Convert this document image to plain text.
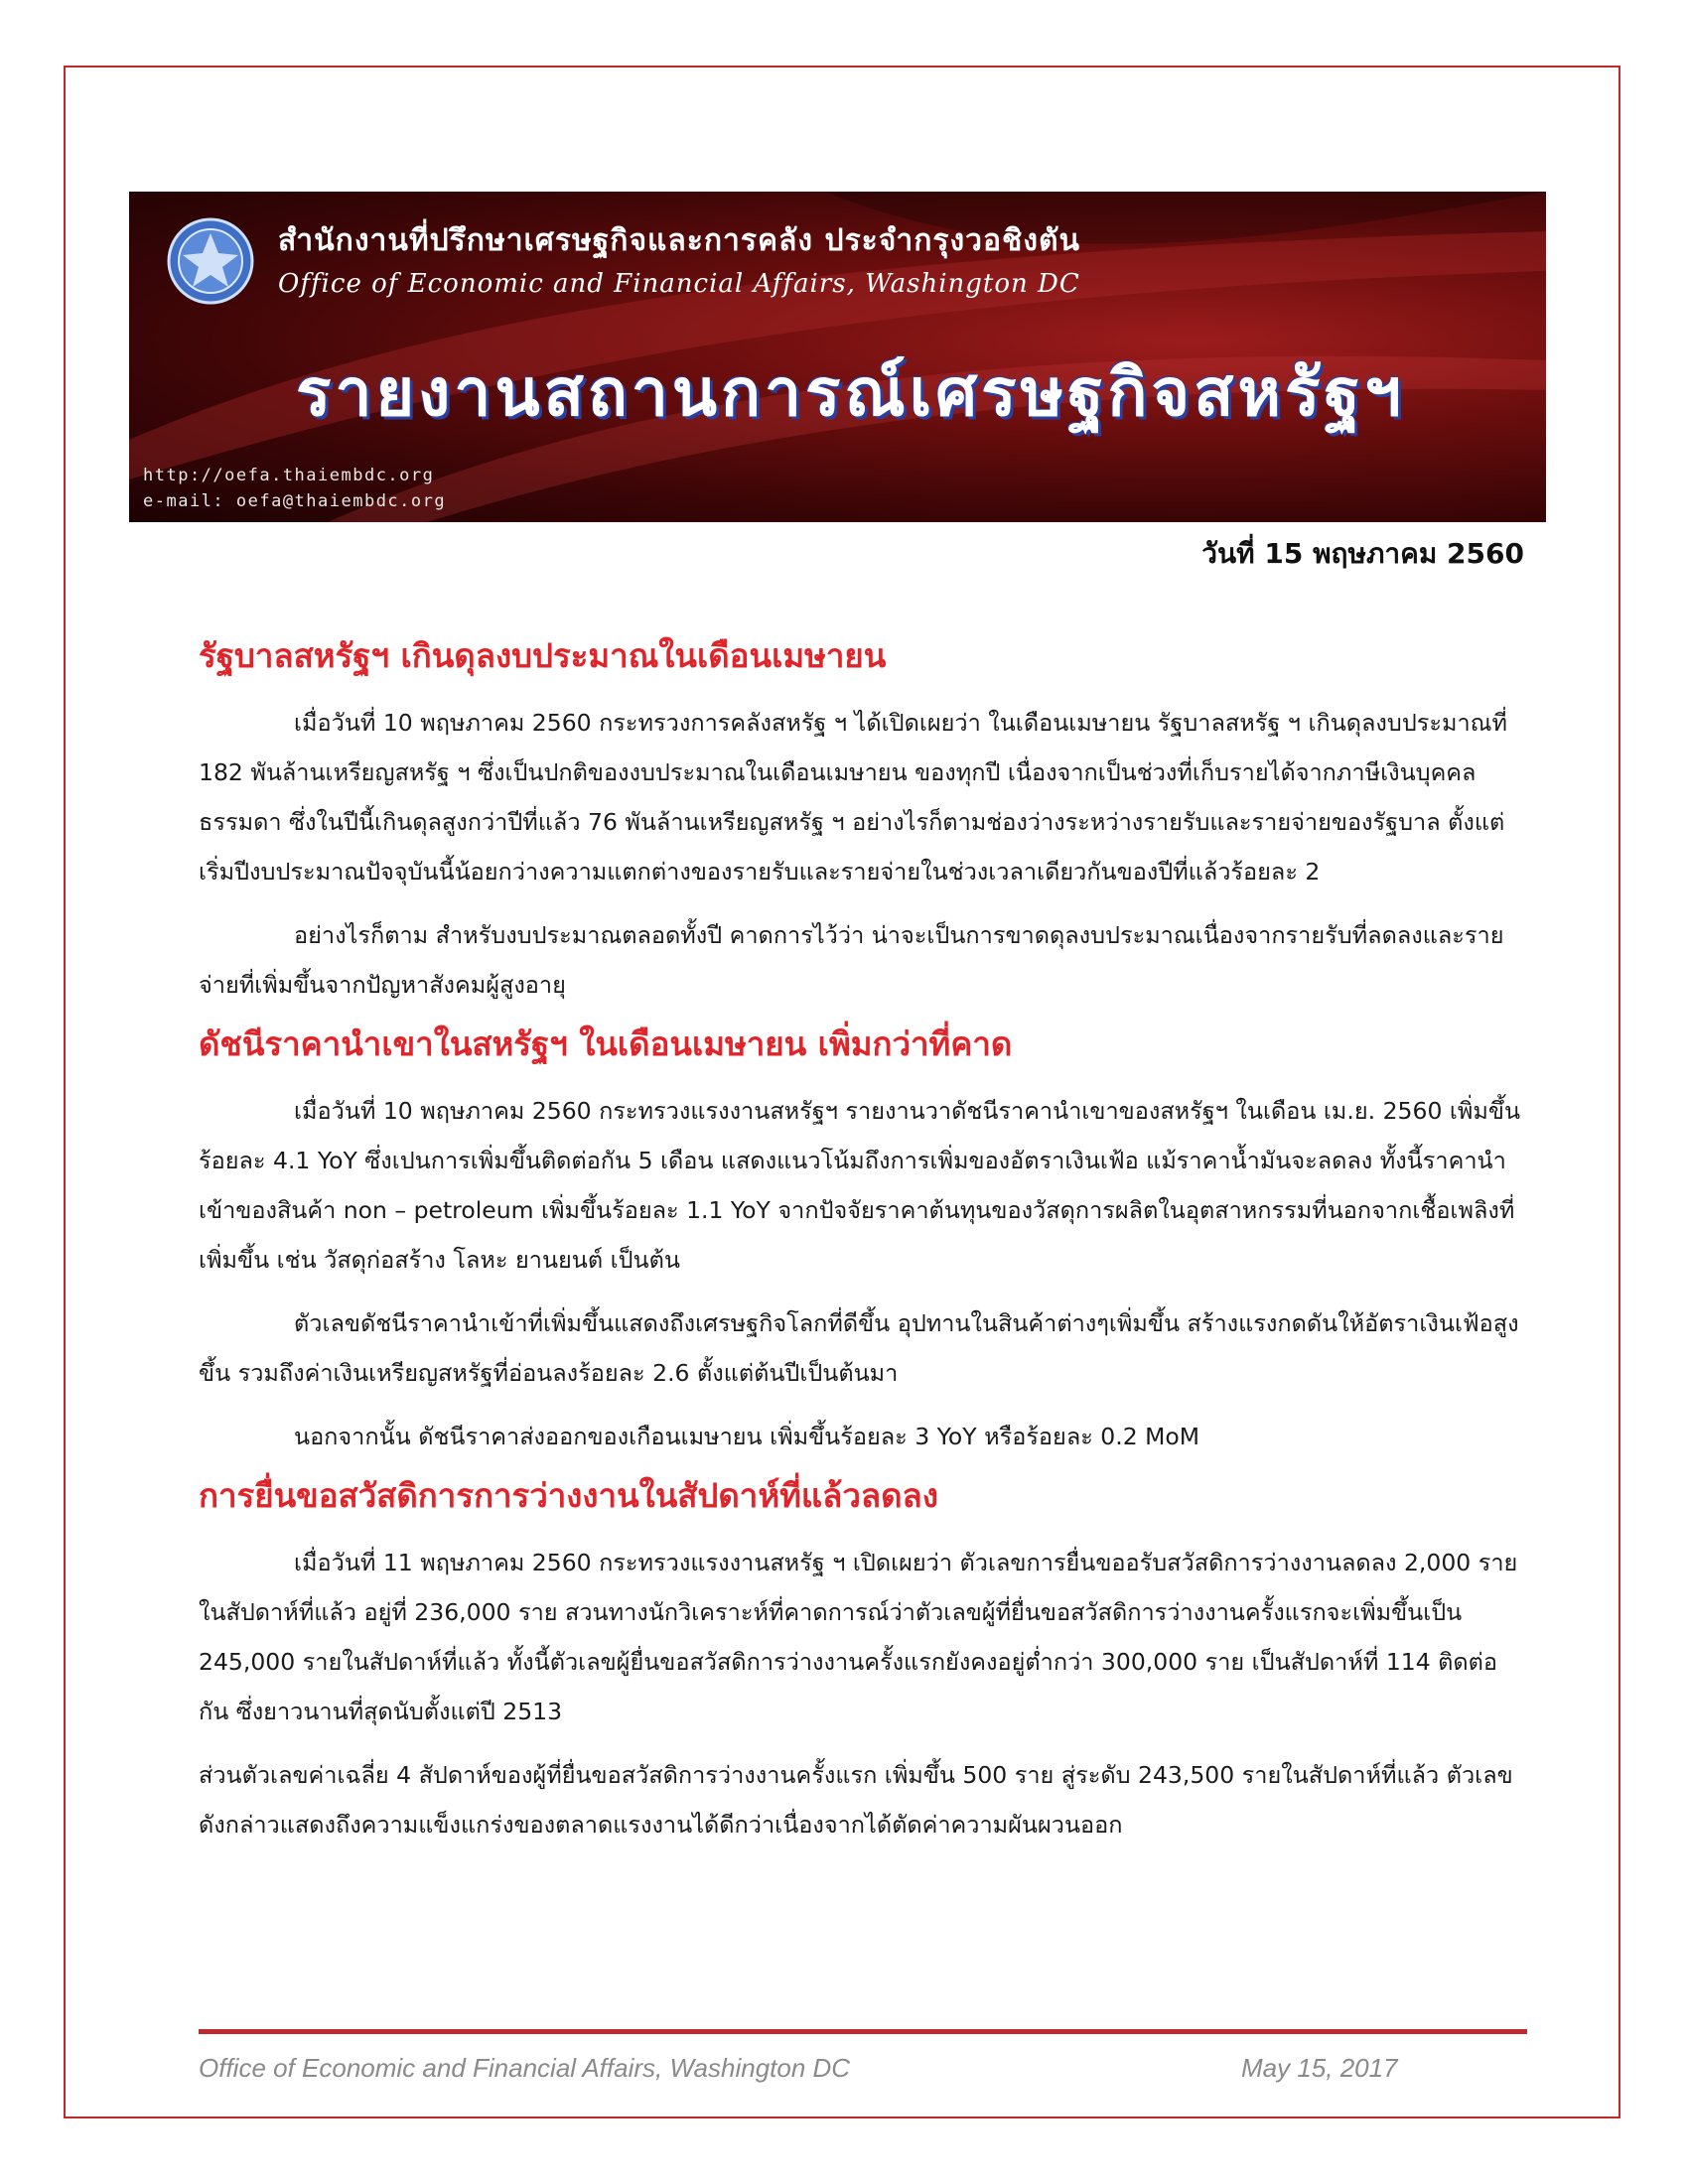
สำนักงานที่ปรึกษาเศรษฐกิจและการคลัง ประจำกรุงวอชิงตัน
Office of Economic and Financial Affairs, Washington DC
รายงานสถานการณ์เศรษฐกิจสหรัฐฯ
http://oefa.thaiembdc.org
e-mail: oefa@thaiembdc.org
วันที่ 15 พฤษภาคม 2560
รัฐบาลสหรัฐฯ เกินดุลงบประมาณในเดือนเมษายน

เมื่อวันที่ 10 พฤษภาคม 2560 กระทรวงการคลังสหรัฐ ฯ ได้เปิดเผยว่า ในเดือนเมษายน รัฐบาลสหรัฐ ฯ เกินดุลงบประมาณที่ 182 พันล้านเหรียญสหรัฐ ฯ ซึ่งเป็นปกติของงบประมาณในเดือนเมษายน ของทุกปี เนื่องจากเป็นช่วงที่เก็บรายได้จากภาษีเงินบุคคลธรรมดา ซึ่งในปีนี้เกินดุลสูงกว่าปีที่แล้ว 76 พันล้านเหรียญสหรัฐ ฯ อย่างไรก็ตามช่องว่างระหว่างรายรับและรายจ่ายของรัฐบาล ตั้งแต่เริ่มปีงบประมาณปัจจุบันนี้น้อยกว่างความแตกต่างของรายรับและรายจ่ายในช่วงเวลาเดียวกันของปีที่แล้วร้อยละ 2

อย่างไรก็ตาม สำหรับงบประมาณตลอดทั้งปี คาดการไว้ว่า น่าจะเป็นการขาดดุลงบประมาณเนื่องจากรายรับที่ลดลงและรายจ่ายที่เพิ่มขึ้นจากปัญหาสังคมผู้สูงอายุ

ดัชนีราคานำเขาในสหรัฐฯ ในเดือนเมษายน เพิ่มกว่าที่คาด

เมื่อวันที่ 10 พฤษภาคม 2560 กระทรวงแรงงานสหรัฐฯ รายงานวาดัชนีราคานำเขาของสหรัฐฯ ในเดือน เม.ย. 2560 เพิ่มขึ้นร้อยละ 4.1 YoY ซึ่งเปนการเพิ่มขึ้นติดต่อกัน 5 เดือน แสดงแนวโน้มถึงการเพิ่มของอัตราเงินเฟ้อ แม้ราคาน้ำมันจะลดลง ทั้งนี้ราคานำเข้าของสินค้า non – petroleum เพิ่มขึ้นร้อยละ 1.1 YoY จากปัจจัยราคาต้นทุนของวัสดุการผลิตในอุตสาหกรรมที่นอกจากเชื้อเพลิงที่เพิ่มขึ้น เช่น วัสดุก่อสร้าง โลหะ ยานยนต์ เป็นต้น

ตัวเลขดัชนีราคานำเข้าที่เพิ่มขึ้นแสดงถึงเศรษฐกิจโลกที่ดีขึ้น อุปทานในสินค้าต่างๆเพิ่มขึ้น สร้างแรงกดดันให้อัตราเงินเฟ้อสูงขึ้น รวมถึงค่าเงินเหรียญสหรัฐที่อ่อนลงร้อยละ 2.6 ตั้งแต่ต้นปีเป็นต้นมา

นอกจากนั้น ดัชนีราคาส่งออกของเกือนเมษายน เพิ่มขึ้นร้อยละ 3 YoY หรือร้อยละ 0.2 MoM

การยื่นขอสวัสดิการการว่างงานในสัปดาห์ที่แล้วลดลง

เมื่อวันที่ 11 พฤษภาคม 2560 กระทรวงแรงงานสหรัฐ ฯ เปิดเผยว่า ตัวเลขการยื่นขออรับสวัสดิการว่างงานลดลง 2,000 ราย ในสัปดาห์ที่แล้ว อยู่ที่ 236,000 ราย สวนทางนักวิเคราะห์ที่คาดการณ์ว่าตัวเลขผู้ที่ยื่นขอสวัสดิการว่างงานครั้งแรกจะเพิ่มขึ้นเป็น 245,000 รายในสัปดาห์ที่แล้ว ทั้งนี้ตัวเลขผู้ยื่นขอสวัสดิการว่างงานครั้งแรกยังคงอยู่ต่ำกว่า 300,000 ราย เป็นสัปดาห์ที่ 114 ติดต่อกัน ซึ่งยาวนานที่สุดนับตั้งแต่ปี 2513

ส่วนตัวเลขค่าเฉลี่ย 4 สัปดาห์ของผู้ที่ยื่นขอสวัสดิการว่างงานครั้งแรก เพิ่มขึ้น 500 ราย สู่ระดับ 243,500 รายในสัปดาห์ที่แล้ว ตัวเลขดังกล่าวแสดงถึงความแข็งแกร่งของตลาดแรงงานได้ดีกว่าเนื่องจากได้ตัดค่าความผันผวนออก

Office of Economic and Financial Affairs, Washington DC	May 15, 2017
